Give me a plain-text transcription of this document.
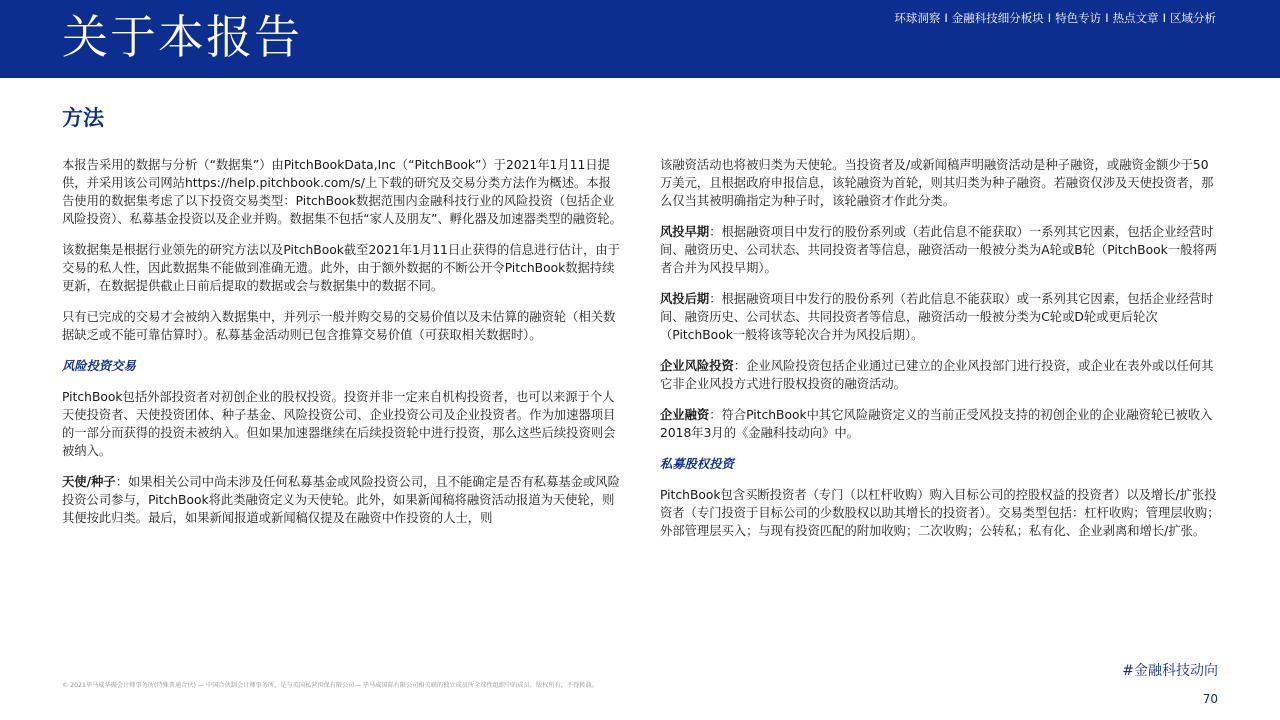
关于本报告	环球洞察 I 金融科技细分板块 I 特色专访 I 热点文章 I 区域分析
方法

本报告采用的数据与分析（“数据集”）由PitchBookData,Inc（“PitchBook”）于2021年1月11日提供，并采用该公司网站https://help.pitchbook.com/s/上下载的研究及交易分类方法作为概述。本报告使用的数据集考虑了以下投资交易类型：PitchBook数据范围内金融科技行业的风险投资（包括企业风险投资）、私募基金投资以及企业并购。数据集不包括“家人及朋友”、孵化器及加速器类型的融资轮。

该数据集是根据行业领先的研究方法以及PitchBook截至2021年1月11日止获得的信息进行估计，由于交易的私人性，因此数据集不能做到准确无遗。此外，由于额外数据的不断公开令PitchBook数据持续更新，在数据提供截止日前后提取的数据或会与数据集中的数据不同。

只有已完成的交易才会被纳入数据集中，并列示一般并购交易的交易价值以及未估算的融资轮（相关数据缺乏或不能可靠估算时）。私募基金活动则已包含推算交易价值（可获取相关数据时）。

风险投资交易

PitchBook包括外部投资者对初创企业的股权投资。投资并非一定来自机构投资者，也可以来源于个人天使投资者、天使投资团体、种子基金、风险投资公司、企业投资公司及企业投资者。作为加速器项目的一部分而获得的投资未被纳入。但如果加速器继续在后续投资轮中进行投资，那么这些后续投资则会被纳入。

天使/种子：如果相关公司中尚未涉及任何私募基金或风险投资公司，且不能确定是否有私募基金或风险投资公司参与，PitchBook将此类融资定义为天使轮。此外，如果新闻稿将融资活动报道为天使轮，则其便按此归类。最后，如果新闻报道或新闻稿仅提及在融资中作投资的人士，则

该融资活动也将被归类为天使轮。当投资者及/或新闻稿声明融资活动是种子融资，或融资金额少于50万美元，且根据政府申报信息，该轮融资为首轮，则其归类为种子融资。若融资仅涉及天使投资者，那么仅当其被明确指定为种子时，该轮融资才作此分类。

风投早期：根据融资项目中发行的股份系列或（若此信息不能获取）一系列其它因素，包括企业经营时间、融资历史、公司状态、共同投资者等信息，融资活动一般被分类为A轮或B轮（PitchBook一般将两者合并为风投早期）。

风投后期：根据融资项目中发行的股份系列（若此信息不能获取）或一系列其它因素，包括企业经营时间、融资历史、公司状态、共同投资者等信息，融资活动一般被分类为C轮或D轮或更后轮次（PitchBook一般将该等轮次合并为风投后期）。

企业风险投资：企业风险投资包括企业通过已建立的企业风投部门进行投资，或企业在表外或以任何其它非企业风投方式进行股权投资的融资活动。

企业融资：符合PitchBook中其它风险融资定义的当前正受风投支持的初创企业的企业融资轮已被收入2018年3月的《金融科技动向》中。

私募股权投资

PitchBook包含买断投资者（专门（以杠杆收购）购入目标公司的控股权益的投资者）以及增长/扩张投资者（专门投资于目标公司的少数股权以助其增长的投资者）。交易类型包括：杠杆收购；管理层收购；外部管理层买入；与现有投资匹配的附加收购；二次收购；公转私；私有化、企业剥离和增长/扩张。

© 2021毕马威华振会计师事务所(特殊普通合伙) — 中国合伙制会计师事务所，是与英国私营担保有限公司— 毕马威国际有限公司相关联的独立成员所全球性组织中的成员。版权所有，不得转载。
#金融科技动向
70
